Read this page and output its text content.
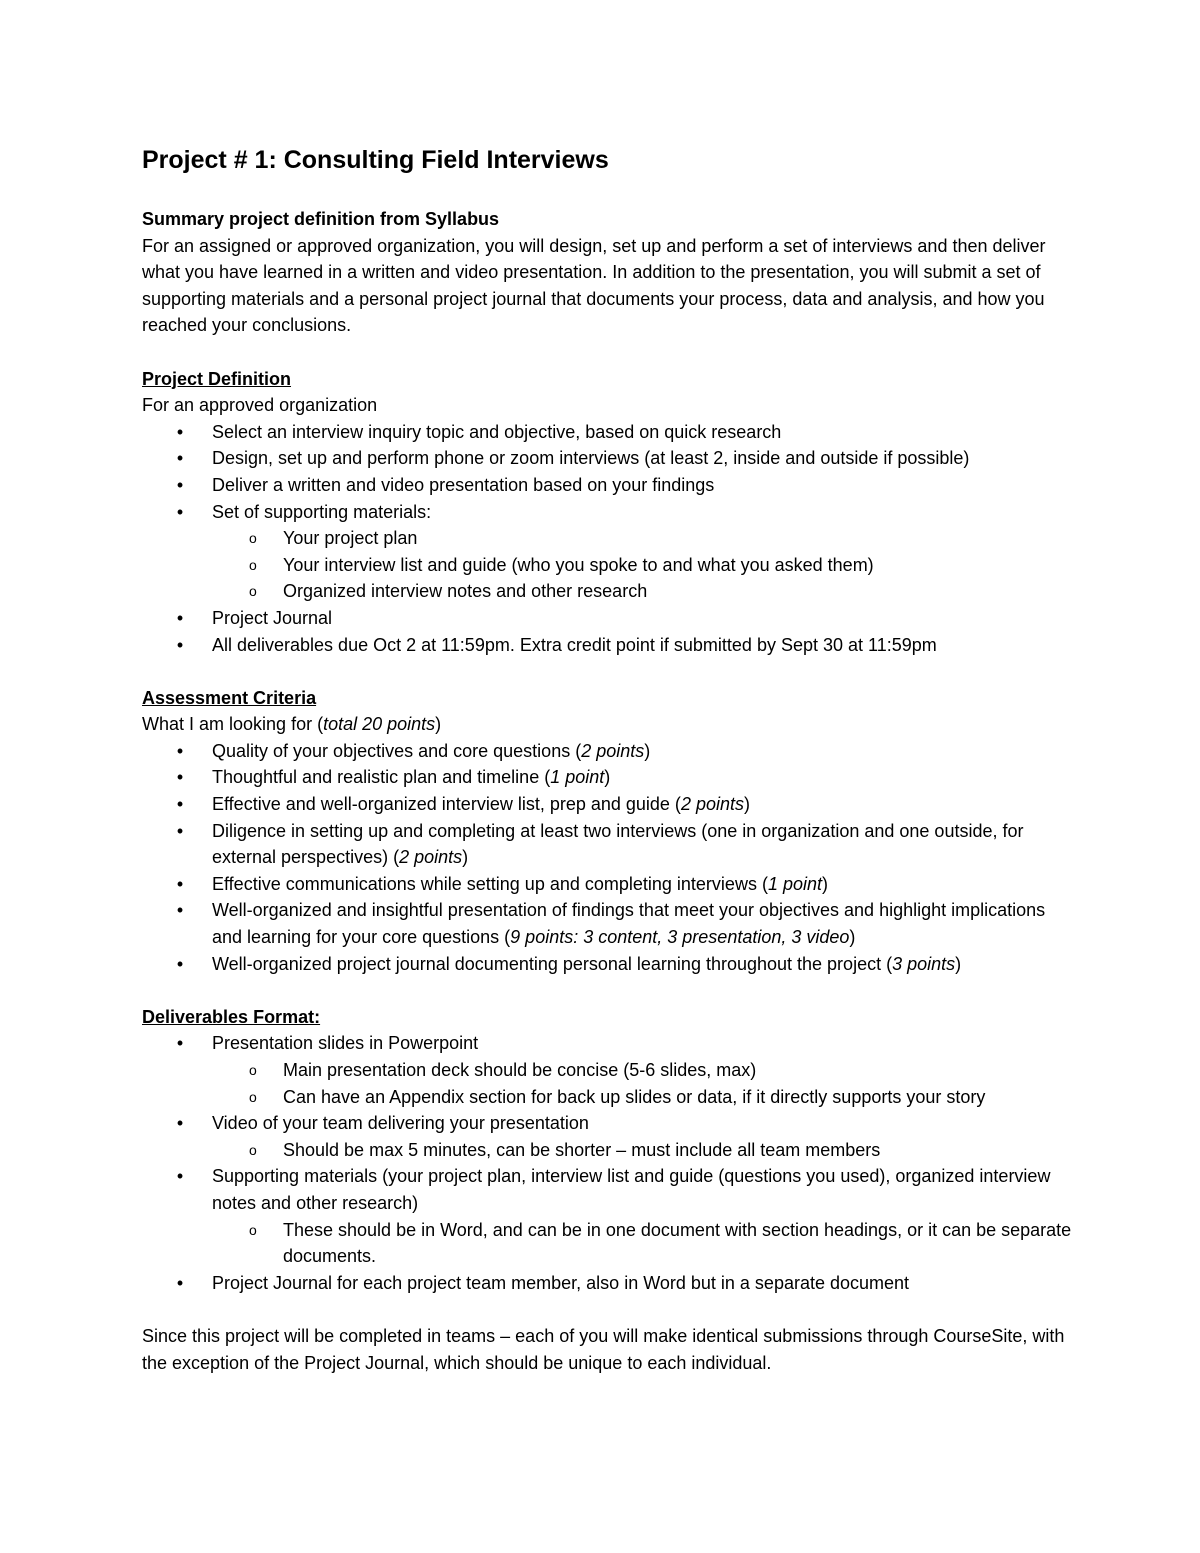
Project # 1: Consulting Field Interviews

Summary project definition from Syllabus

For an assigned or approved organization, you will design, set up and perform a set of interviews and then deliver what you have learned in a written and video presentation. In addition to the presentation, you will submit a set of supporting materials and a personal project journal that documents your process, data and analysis, and how you reached your conclusions.

Project Definition

For an approved organization

• Select an interview inquiry topic and objective, based on quick research
• Design, set up and perform phone or zoom interviews (at least 2, inside and outside if possible)
• Deliver a written and video presentation based on your findings
• Set of supporting materials:
o Your project plan
o Your interview list and guide (who you spoke to and what you asked them)
o Organized interview notes and other research
• Project Journal
• All deliverables due Oct 2 at 11:59pm. Extra credit point if submitted by Sept 30 at 11:59pm

Assessment Criteria

What I am looking for (total 20 points)

• Quality of your objectives and core questions (2 points)
• Thoughtful and realistic plan and timeline (1 point)
• Effective and well-organized interview list, prep and guide (2 points)
• Diligence in setting up and completing at least two interviews (one in organization and one outside, for external perspectives) (2 points)
• Effective communications while setting up and completing interviews (1 point)
• Well-organized and insightful presentation of findings that meet your objectives and highlight implications and learning for your core questions (9 points: 3 content, 3 presentation, 3 video)
• Well-organized project journal documenting personal learning throughout the project (3 points)

Deliverables Format:

• Presentation slides in Powerpoint
o Main presentation deck should be concise (5-6 slides, max)
o Can have an Appendix section for back up slides or data, if it directly supports your story
• Video of your team delivering your presentation
o Should be max 5 minutes, can be shorter – must include all team members
• Supporting materials (your project plan, interview list and guide (questions you used), organized interview notes and other research)
o These should be in Word, and can be in one document with section headings, or it can be separate documents.
• Project Journal for each project team member, also in Word but in a separate document

Since this project will be completed in teams – each of you will make identical submissions through CourseSite, with the exception of the Project Journal, which should be unique to each individual.
